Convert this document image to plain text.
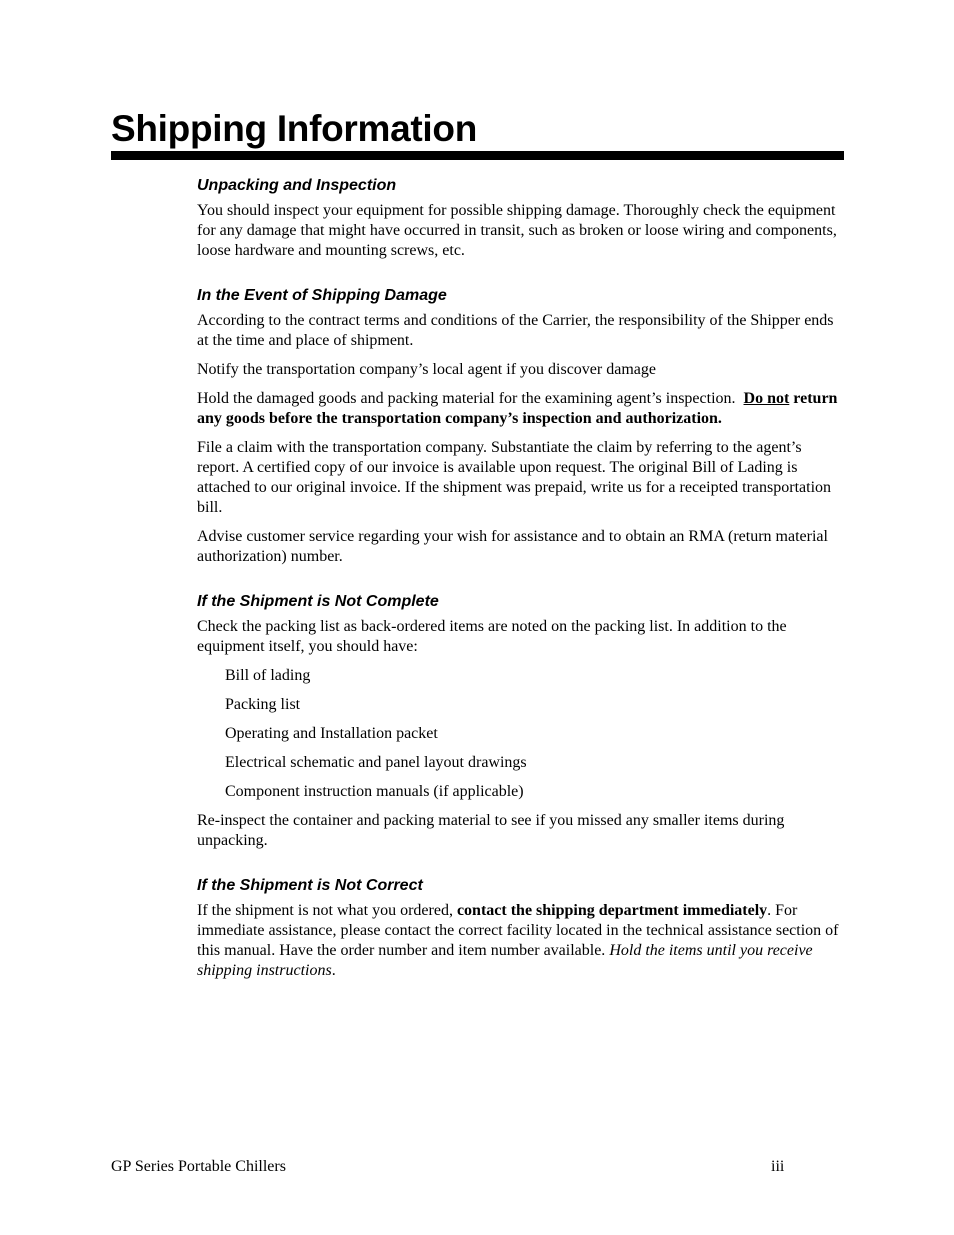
Shipping Information
Unpacking and Inspection

You should inspect your equipment for possible shipping damage. Thoroughly check the equipment for any damage that might have occurred in transit, such as broken or loose wiring and components, loose hardware and mounting screws, etc.

In the Event of Shipping Damage

According to the contract terms and conditions of the Carrier, the responsibility of the Shipper ends at the time and place of shipment.

Notify the transportation company’s local agent if you discover damage

Hold the damaged goods and packing material for the examining agent’s inspection. Do not return any goods before the transportation company’s inspection and authorization.

File a claim with the transportation company. Substantiate the claim by referring to the agent’s report. A certified copy of our invoice is available upon request. The original Bill of Lading is attached to our original invoice. If the shipment was prepaid, write us for a receipted transportation bill.

Advise customer service regarding your wish for assistance and to obtain an RMA (return material authorization) number.

If the Shipment is Not Complete

Check the packing list as back-ordered items are noted on the packing list. In addition to the equipment itself, you should have:

Bill of lading
Packing list
Operating and Installation packet
Electrical schematic and panel layout drawings
Component instruction manuals (if applicable)

Re-inspect the container and packing material to see if you missed any smaller items during unpacking.

If the Shipment is Not Correct

If the shipment is not what you ordered, contact the shipping department immediately. For immediate assistance, please contact the correct facility located in the technical assistance section of this manual. Have the order number and item number available. Hold the items until you receive shipping instructions.

GP Series Portable Chillers	iii
